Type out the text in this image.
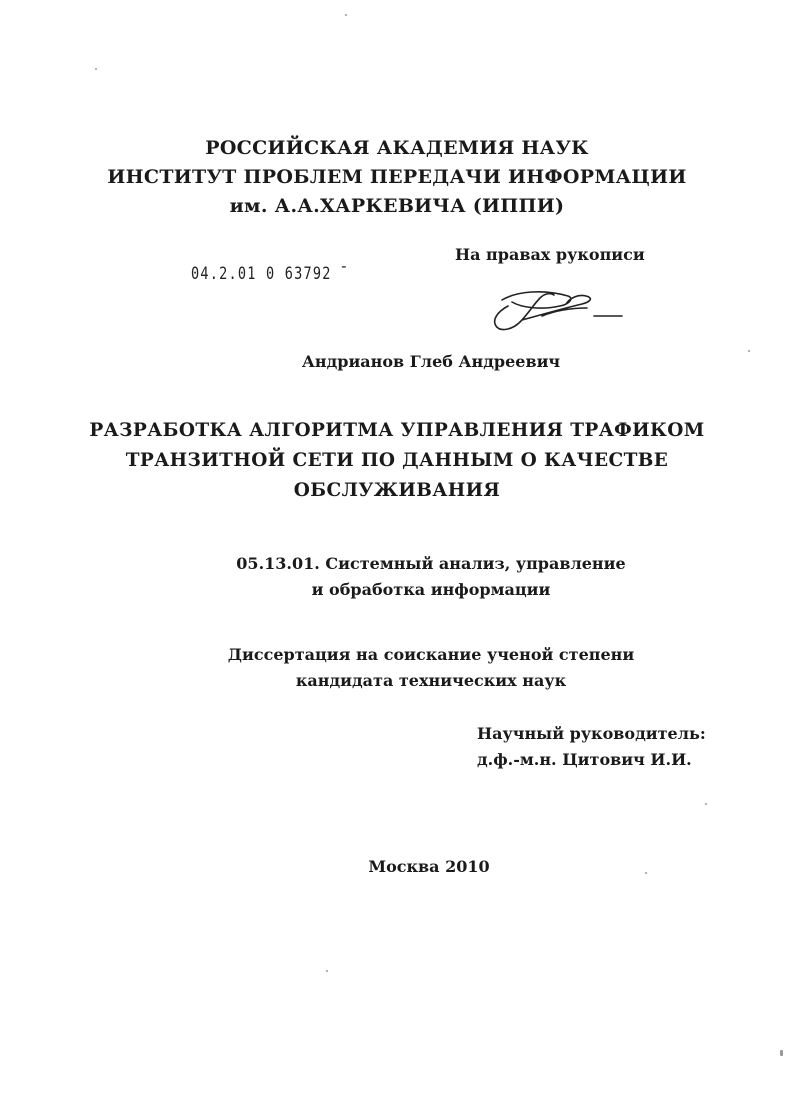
РОССИЙСКАЯ АКАДЕМИЯ НАУК
ИНСТИТУТ ПРОБЛЕМ ПЕРЕДАЧИ ИНФОРМАЦИИ
им. А.А.ХАРКЕВИЧА (ИППИ)
04.2.01 0 63792 ̄
На правах рукописи
Андрианов Глеб Андреевич
РАЗРАБОТКА АЛГОРИТМА УПРАВЛЕНИЯ ТРАФИКОМ
ТРАНЗИТНОЙ СЕТИ ПО ДАННЫМ О КАЧЕСТВЕ
ОБСЛУЖИВАНИЯ
05.13.01. Системный анализ, управление
и обработка информации
Диссертация на соискание ученой степени
кандидата технических наук
Научный руководитель:
д.ф.-м.н. Цитович И.И.
Москва 2010
